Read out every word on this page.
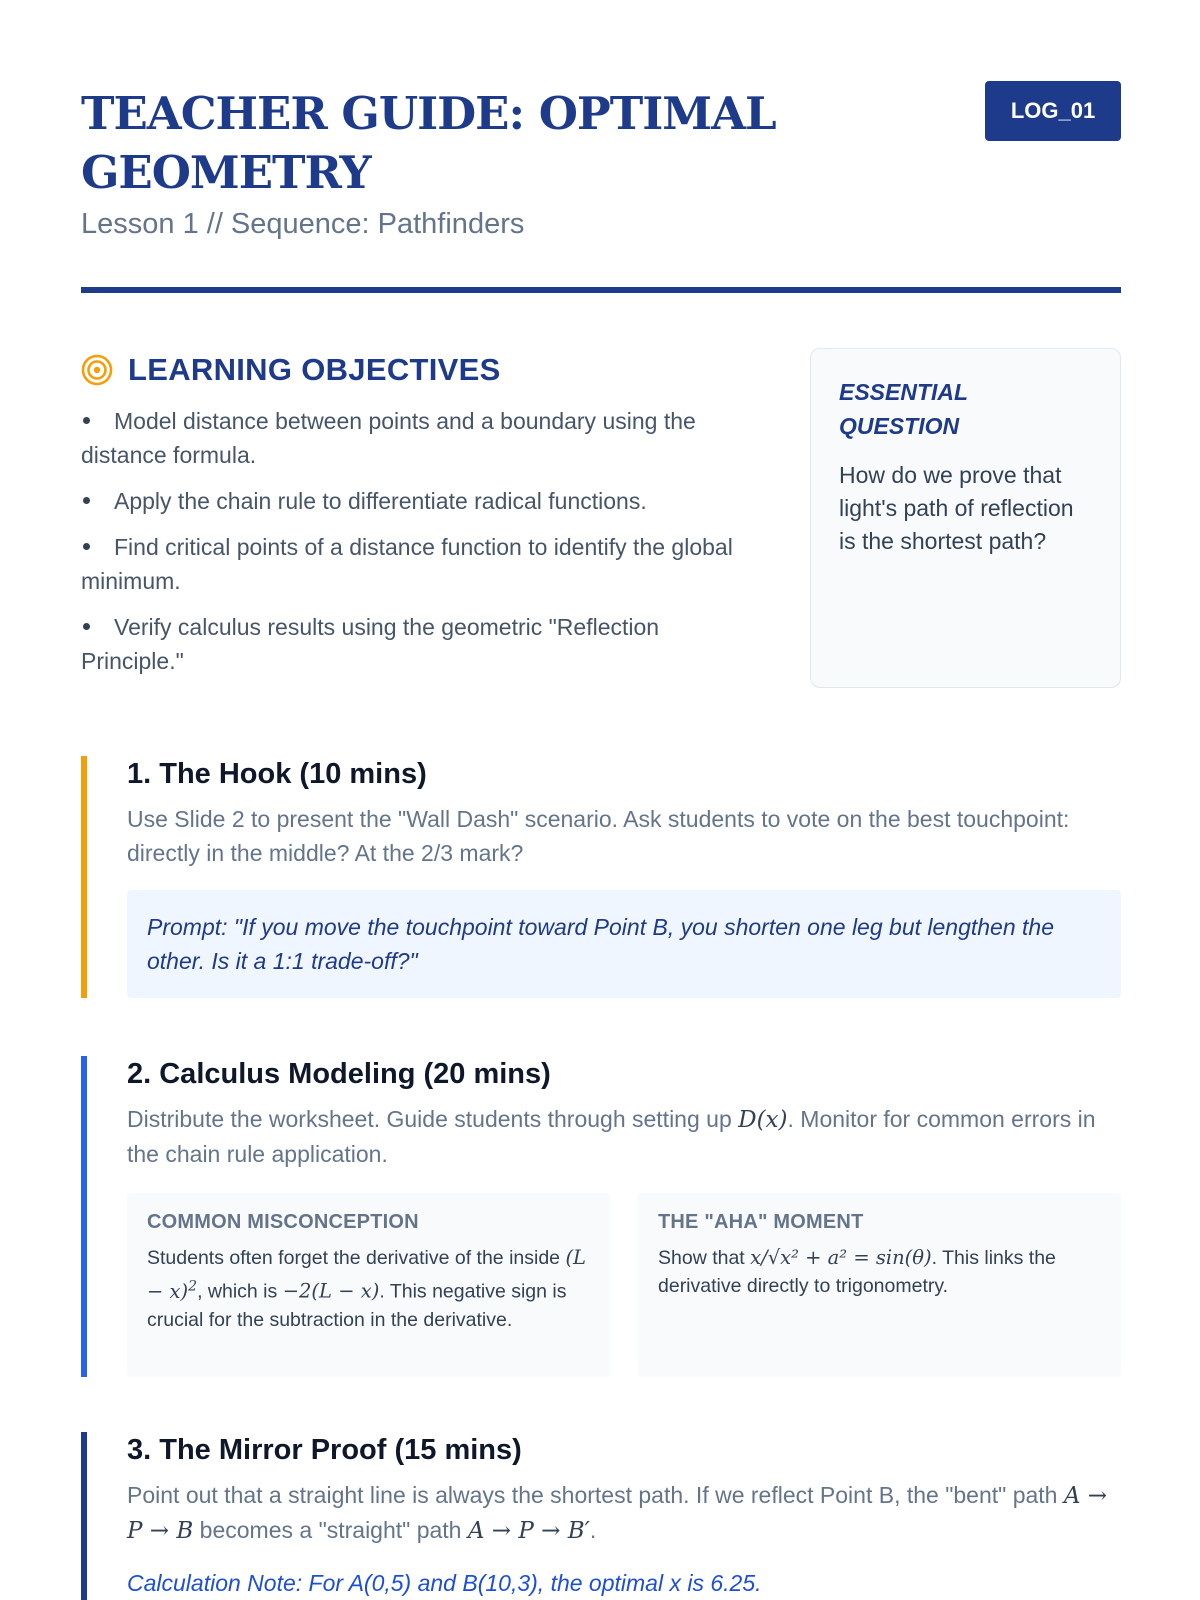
TEACHER GUIDE: OPTIMAL GEOMETRY
Lesson 1 // Sequence: Pathfinders
LOG_01
LEARNING OBJECTIVES
Model distance between points and a boundary using the distance formula.
Apply the chain rule to differentiate radical functions.
Find critical points of a distance function to identify the global minimum.
Verify calculus results using the geometric "Reflection Principle."
ESSENTIAL QUESTION

How do we prove that light's path of reflection is the shortest path?

1. The Hook (10 mins)

Use Slide 2 to present the "Wall Dash" scenario. Ask students to vote on the best touchpoint: directly in the middle? At the 2/3 mark?

Prompt: "If you move the touchpoint toward Point B, you shorten one leg but lengthen the other. Is it a 1:1 trade-off?"
2. Calculus Modeling (20 mins)

Distribute the worksheet. Guide students through setting up D(x). Monitor for common errors in the chain rule application.

COMMON MISCONCEPTION

Students often forget the derivative of the inside $(L - x)^2$, which is −2(L − x). This negative sign is crucial for the subtraction in the derivative.

THE "AHA" MOMENT

Show that x/√x² + a² = sin(θ). This links the derivative directly to trigonometry.

3. The Mirror Proof (15 mins)

Point out that a straight line is always the shortest path. If we reflect Point B, the "bent" path A → P → B becomes a "straight" path A → P → B′.

Calculation Note: For A(0,5) and B(10,3), the optimal x is 6.25.
